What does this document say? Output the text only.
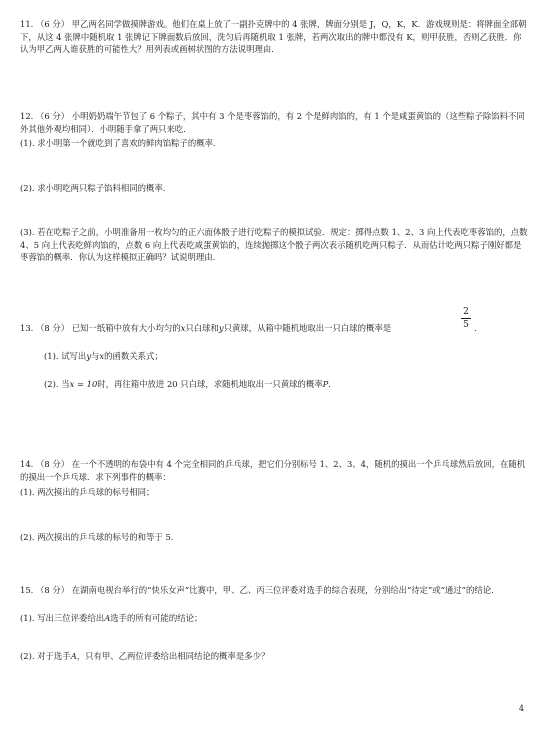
11. （6 分） 甲乙两名同学做摸牌游戏。他们在桌上放了一副扑克牌中的 4 张牌，牌面分别是 J，Q，K，K．游戏规则是：将牌面全部朝下，从这 4 张牌中随机取 1 张牌记下牌面数后放回，洗匀后再随机取 1 张牌，若两次取出的牌中都没有 K，则甲获胜，否则乙获胜．你认为甲乙两人谁获胜的可能性大？用列表或画树状图的方法说明理由．

12. （6 分） 小明奶奶端午节包了 6 个粽子，其中有 3 个是枣蓉馅的，有 2 个是鲜肉馅的，有 1 个是咸蛋黄馅的（这些粽子除馅料不同外其他外观均相同）．小明随手拿了两只来吃．

(1). 求小明第一个就吃到了喜欢的鲜肉馅粽子的概率．
(2). 求小明吃两只粽子馅料相同的概率．

(3). 若在吃粽子之前，小明准备用一枚均匀的正六面体骰子进行吃粽子的模拟试验．规定：掷得点数 1、2、3 向上代表吃枣蓉馅的，点数 4、5 向上代表吃鲜肉馅的，点数 6 向上代表吃咸蛋黄馅的，连续抛掷这个骰子两次表示随机吃两只粽子．从而估计吃两只粽子刚好都是枣蓉馅的概率．你认为这样模拟正确吗？试说明理由．

13. （8 分） 已知一纸箱中放有大小均匀的x只白球和y只黄球，从箱中随机地取出一只白球的概率是
2
5 .
(1). 试写出y与x的函数关系式；
(2). 当x = 10时，再往箱中放进 20 只白球，求随机地取出一只黄球的概率P.

14. （8 分） 在一个不透明的布袋中有 4 个完全相同的乒乓球，把它们分别标号 1、2、3、4，随机的摸出一个乒乓球然后放回，在随机的摸出一个乒乓球．求下列事件的概率：

(1). 两次摸出的乒乓球的标号相同；
(2). 两次摸出的乒乓球的标号的和等于 5.

15. （8 分） 在湖南电视台举行的“快乐女声”比赛中，甲、乙、丙三位评委对选手的综合表现，分别给出“待定”或“通过”的结论．

(1). 写出三位评委给出A选手的所有可能的结论；
(2). 对于选手A，只有甲、乙两位评委给出相同结论的概率是多少？
4
